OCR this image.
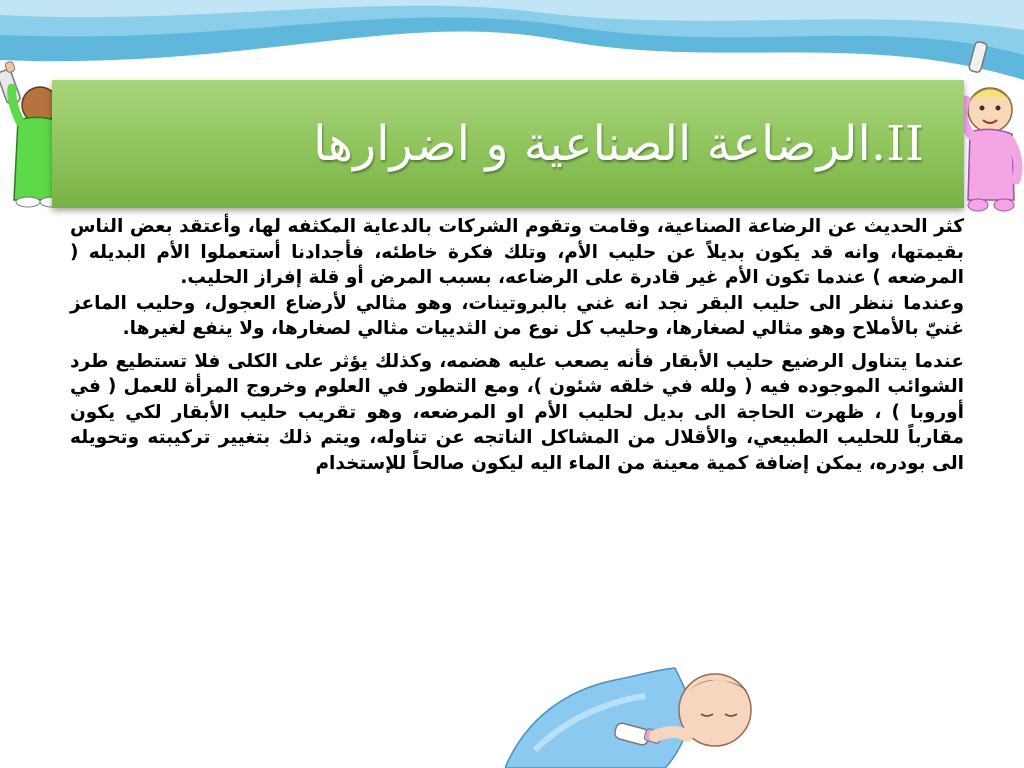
II.الرضاعة الصناعية و اضرارها

كثر الحديث عن الرضاعة الصناعية، وقامت وتقوم الشركات بالدعاية المكثفه لها، وأعتقد بعض الناس بقيمتها، وانه قد يكون بديلاً عن حليب الأم، وتلك فكرة خاطئه، فأجدادنا أستعملوا الأم البديله ( المرضعه ) عندما تكون الأم غير قادرة على الرضاعه، بسبب المرض أو قلة إفراز الحليب.

وعندما ننظر الى حليب البقر نجد انه غني بالبروتينات، وهو مثالي لأرضاع العجول، وحليب الماعز غنيّ بالأملاح وهو مثالي لصغارها، وحليب كل نوع من الثدييات مثالي لصغارها، ولا ينفع لغيرها.

عندما يتناول الرضيع حليب الأبقار فأنه يصعب عليه هضمه، وكذلك يؤثر على الكلى فلا تستطيع طرد الشوائب الموجوده فيه ( ولله في خلقه شئون )، ومع التطور في العلوم وخروج المرأة للعمل ( في أوروبا ) ، ظهرت الحاجة الى بديل لحليب الأم او المرضعه، وهو تقريب حليب الأبقار لكي يكون مقارباً للحليب الطبيعي، والأقلال من المشاكل الناتجه عن تناوله، ويتم ذلك بتغيير تركيبته وتحويله الى بودره، يمكن إضافة كمية معينة من الماء اليه ليكون صالحاً للإستخدام
